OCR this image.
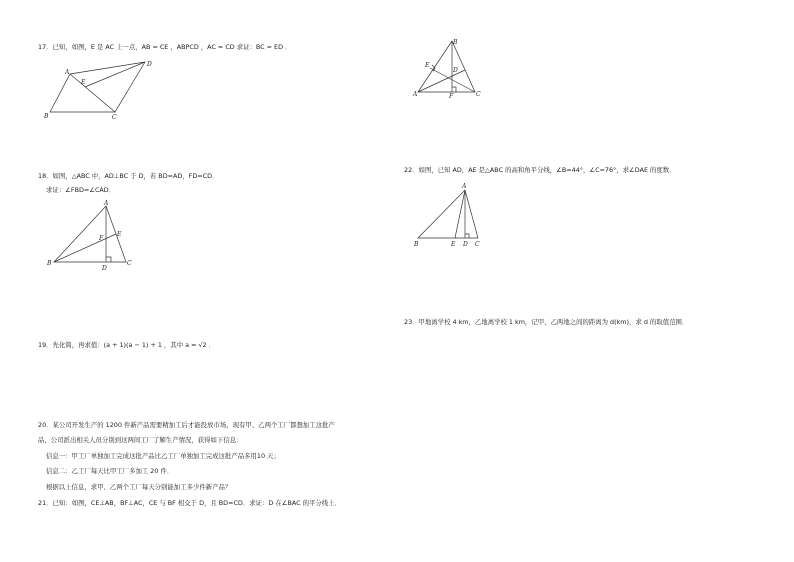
17．已知，如图，E 是 AC 上一点，AB = CE ，ABPCD ，AC = CD 求证：BC = ED ．
A
B	C
D
E
18．如图，△ABC 中，AD⊥BC 于 D，若 BD=AD，FD=CD．
求证：∠FBD=∠CAD．
A
B	C
D
E
F
19．先化简，再求值：(a + 1)(a − 1) + 1 ，其中 a = √2 ．
20．某公司开发生产的 1200 件新产品需要精加工后才能投放市场，现有甲、乙两个工厂都想加工这批产
品，公司派出相关人员分别到这两间工厂了解生产情况，获得如下信息：
信息一：甲工厂单独加工完成这批产品比乙工厂单独加工完成这批产品多用10 天；
信息二：乙工厂每天比甲工厂多加工 20 件．
根据以上信息，求甲、乙两个工厂每天分别能加工多少件新产品？
21．已知：如图，CE⊥AB，BF⊥AC，CE 与 BF 相交于 D，且 BD=CD．求证：D 在∠BAC 的平分线上．
A
B
C
D
E
F
22．如图，已知 AD，AE 是△ABC 的高和角平分线，∠B=44°，∠C=76°，求∠DAE 的度数．
A
B	C
D
E
23．甲地离学校 4 km，乙地离学校 1 km，记甲、乙两地之间的距离为 d(km)，求 d 的取值范围．
